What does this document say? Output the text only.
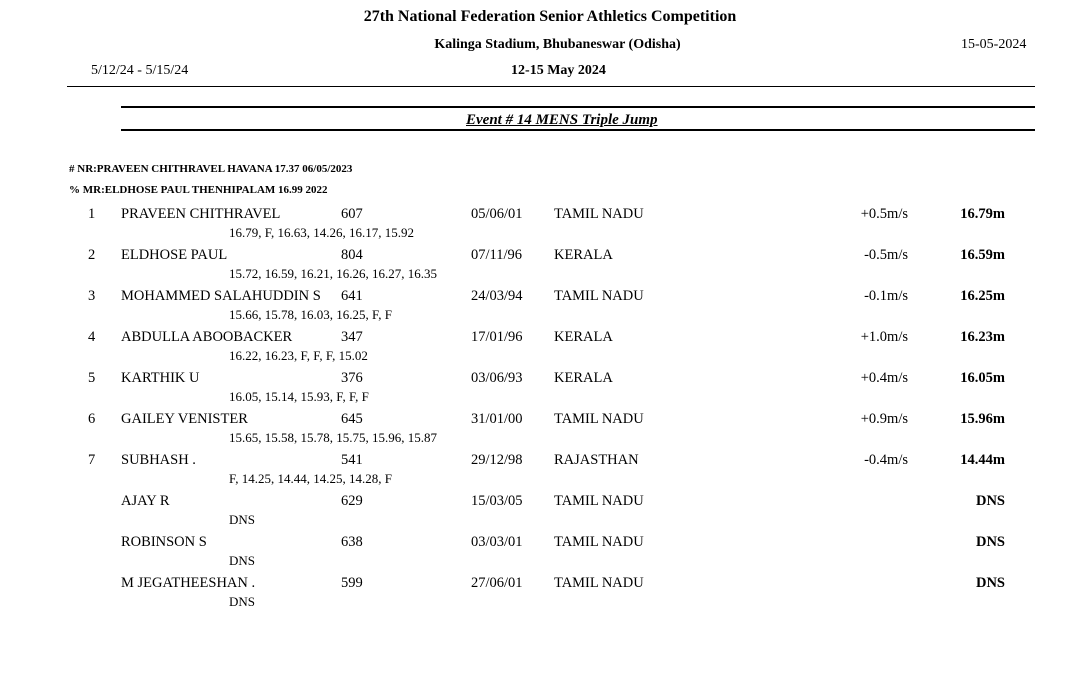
27th National Federation Senior Athletics Competition
Kalinga Stadium, Bhubaneswar (Odisha)
12-15 May 2024
15-05-2024
5/12/24 - 5/15/24
Event # 14 MENS Triple Jump
# NR:PRAVEEN CHITHRAVEL HAVANA 17.37 06/05/2023
% MR:ELDHOSE PAUL THENHIPALAM 16.99 2022
1 PRAVEEN CHITHRAVEL	607	05/06/01 TAMIL NADU	+0.5m/s	16.79m
16.79, F, 16.63, 14.26, 16.17, 15.92
2 ELDHOSE PAUL	804	07/11/96 KERALA	-0.5m/s	16.59m
15.72, 16.59, 16.21, 16.26, 16.27, 16.35
3 MOHAMMED SALAHUDDIN S 641	24/03/94 TAMIL NADU	-0.1m/s	16.25m
15.66, 15.78, 16.03, 16.25, F, F
4 ABDULLA ABOOBACKER	347	17/01/96 KERALA	+1.0m/s	16.23m
16.22, 16.23, F, F, F, 15.02
5 KARTHIK U	376	03/06/93 KERALA	+0.4m/s	16.05m
16.05, 15.14, 15.93, F, F, F
6 GAILEY VENISTER	645	31/01/00 TAMIL NADU	+0.9m/s	15.96m
15.65, 15.58, 15.78, 15.75, 15.96, 15.87
7 SUBHASH .	541	29/12/98 RAJASTHAN	-0.4m/s	14.44m
F, 14.25, 14.44, 14.25, 14.28, F
AJAY R	629	15/03/05 TAMIL NADU	DNS
DNS
ROBINSON S	638	03/03/01 TAMIL NADU	DNS
DNS
M JEGATHEESHAN .	599	27/06/01 TAMIL NADU	DNS
DNS
